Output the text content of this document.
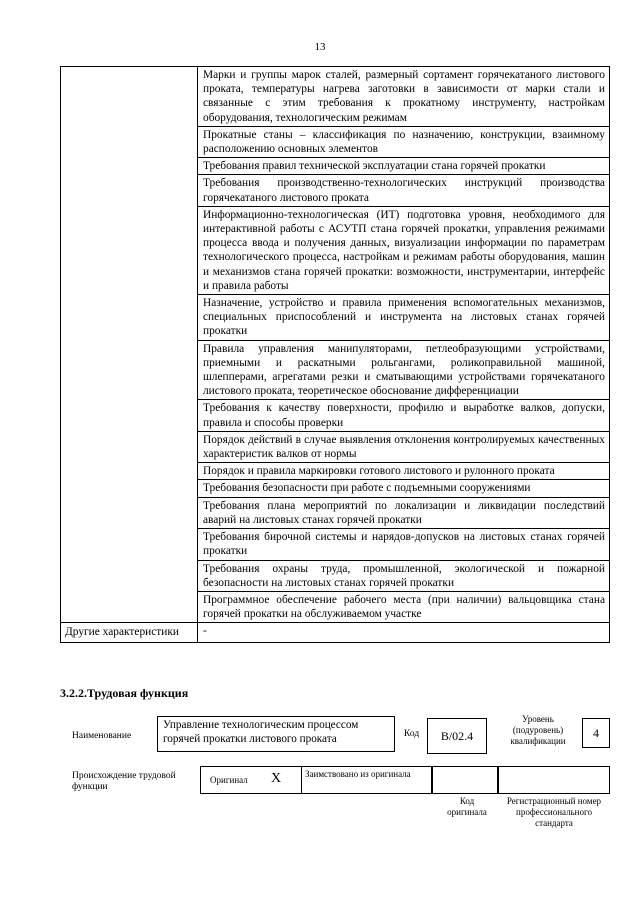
13
	Марки и группы марок сталей, размерный сортамент горячекатаного листового проката, температуры нагрева заготовки в зависимости от марки стали и связанные с этим требования к прокатному инструменту, настройкам оборудования, технологическим режимам
	Прокатные станы – классификация по назначению, конструкции, взаимному расположению основных элементов
	Требования правил технической эксплуатации стана горячей прокатки
	Требования производственно-технологических инструкций производства горячекатаного листового проката
	Информационно-технологическая (ИТ) подготовка уровня, необходимого для интерактивной работы с АСУТП стана горячей прокатки, управления режимами процесса ввода и получения данных, визуализации информации по параметрам технологического процесса, настройкам и режимам работы оборудования, машин и механизмов стана горячей прокатки: возможности, инструментарии, интерфейс и правила работы
	Назначение, устройство и правила применения вспомогательных механизмов, специальных приспособлений и инструмента на листовых станах горячей прокатки
	Правила управления манипуляторами, петлеобразующими устройствами, приемными и раскатными рольгангами, роликоправильной машиной, шлепперами, агрегатами резки и сматывающими устройствами горячекатаного листового проката, теоретическое обоснование дифференциации
	Требования к качеству поверхности, профилю и выработке валков, допуски, правила и способы проверки
	Порядок действий в случае выявления отклонения контролируемых качественных характеристик валков от нормы
	Порядок и правила маркировки готового листового и рулонного проката
	Требования безопасности при работе с подъемными сооружениями
	Требования плана мероприятий по локализации и ликвидации последствий аварий на листовых станах горячей прокатки
	Требования бирочной системы и нарядов-допусков на листовых станах горячей прокатки
	Требования охраны труда, промышленной, экологической и пожарной безопасности на листовых станах горячей прокатки
	Программное обеспечение рабочего места (при наличии) вальцовщика стана горячей прокатки на обслуживаемом участке
Другие характеристики	-
3.2.2.Трудовая функция
Наименование
Управление технологическим процессом горячей прокатки листового проката	Код	В/02.4
Уровень (подуровень) квалификации
4
Происхождение трудовой функции
Оригинал Х	Заимствовано из оригинала
Код оригинала
Регистрационный номер профессионального стандарта
